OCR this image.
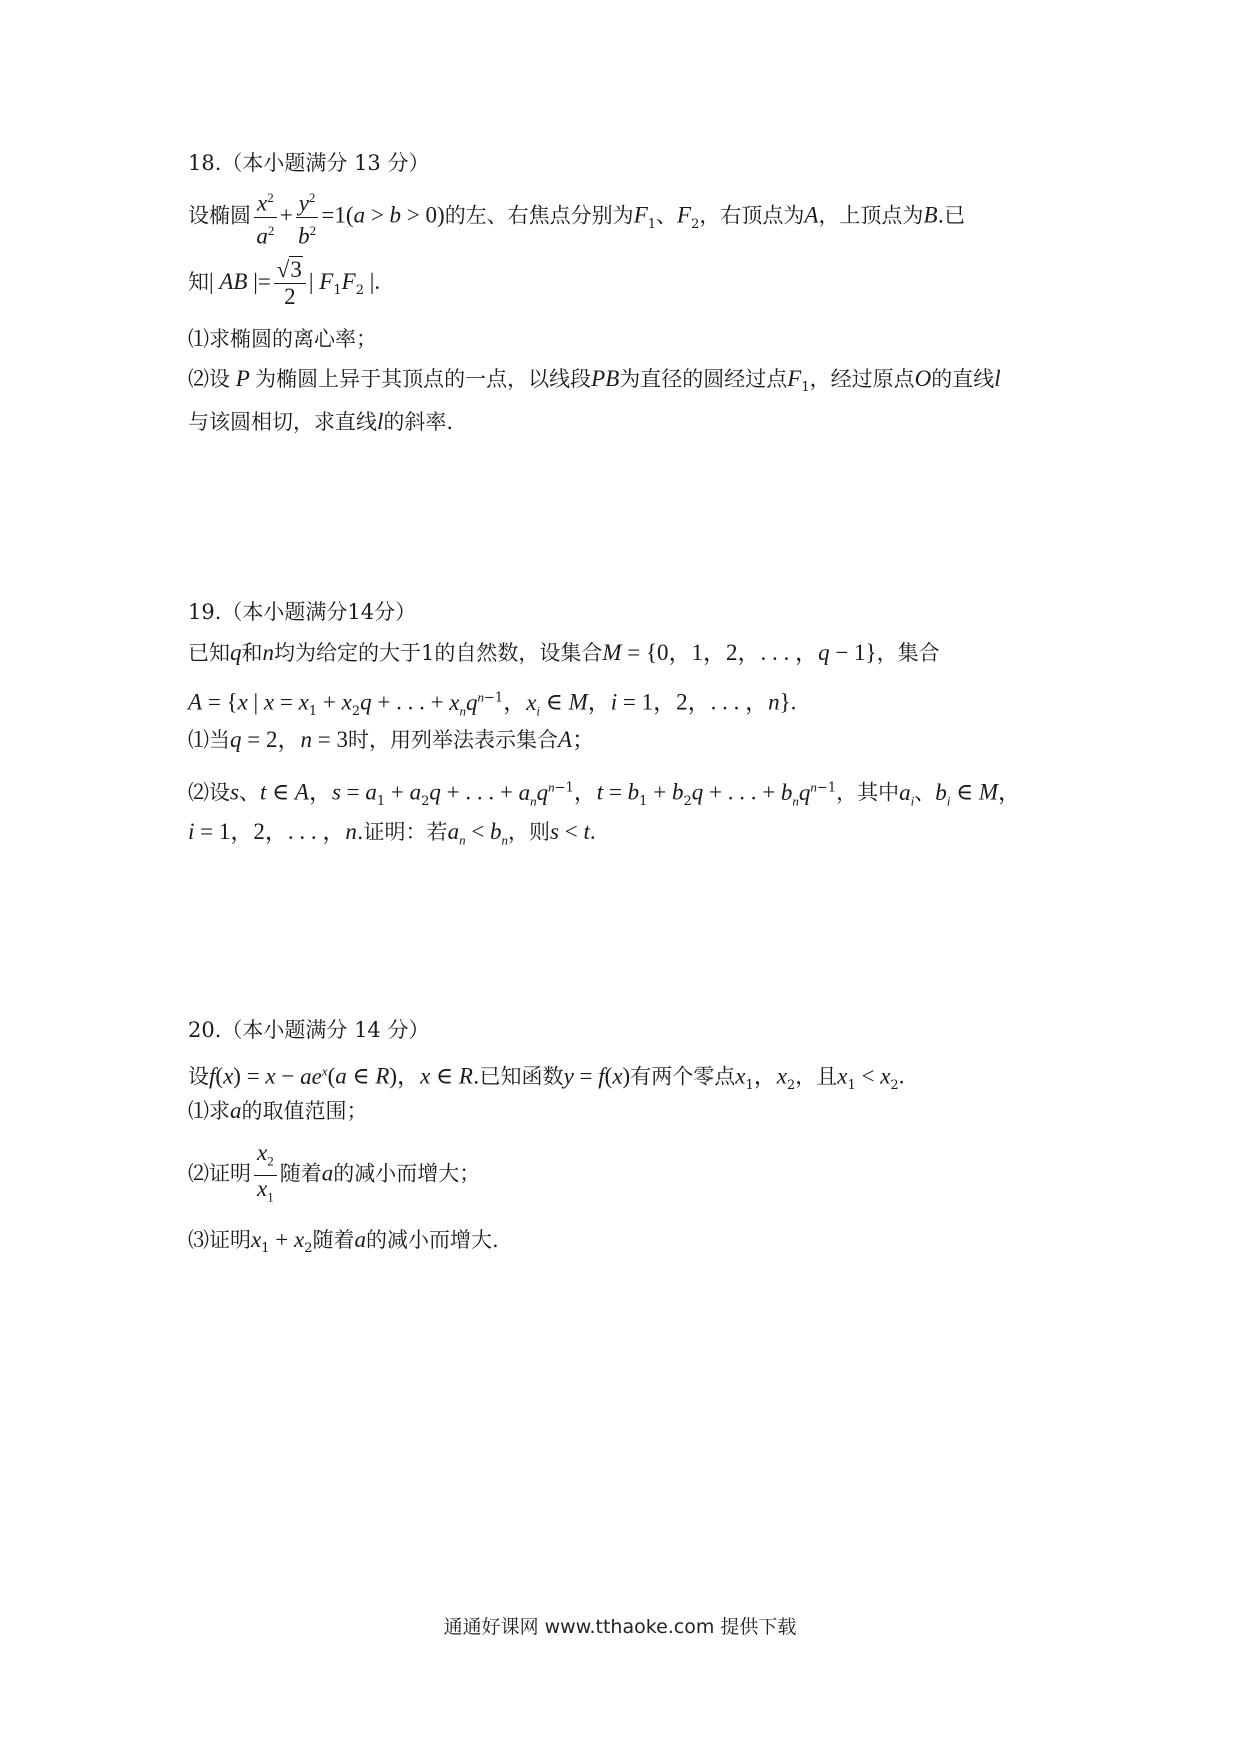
18.（本小题满分 13 分）
设椭圆 $\frac{x^2}{a^2} + \frac{y^2}{b^2} =1(a > b > 0)$的左、右焦点分别为$F_1$、$F_2$，右顶点为A，上顶点为B.已
知| AB |= $\frac{√3}{2}$ | $F_1F_2$ |.
⑴求椭圆的离心率；
⑵设 P 为椭圆上异于其顶点的一点，以线段PB为直径的圆经过点$F_1$，经过原点O的直线l
与该圆相切，求直线l的斜率.
19.（本小题满分14分）
已知q和n均为给定的大于1的自然数，设集合M = {0，1，2，. . . ，q − 1}，集合
A = {x | $x = x_1 + x_2q$ + . . . + $x_nq^{n-1}$，$x_i$ ∈ M，i = 1，2，. . . ，n}.
⑴当q = 2，n = 3时，用列举法表示集合A；
⑵设s、t ∈ A，$s = a_1 + a_2q$ + . . . + $a_nq^{n-1}$，$t = b_1 + b_2q$ + . . . + $b_nq^{n-1}$，其中$a_i$、$b_i$ ∈ M，
i = 1，2，. . . ，n.证明：若$a_n < b_n$，则s < t.
20.（本小题满分 14 分）
设$f(x) = x - ae^x(a$ ∈ R)，x ∈ R.已知函数y = f(x)有两个零点$x_1$，$x_2$，且$x_1 < x_2$.
⑴求a的取值范围；
⑵证明 $\frac{x_2}{x_1}$ 随着a的减小而增大；
⑶证明$x_1 + x_2$随着a的减小而增大.
通通好课网 www.tthaoke.com 提供下载
